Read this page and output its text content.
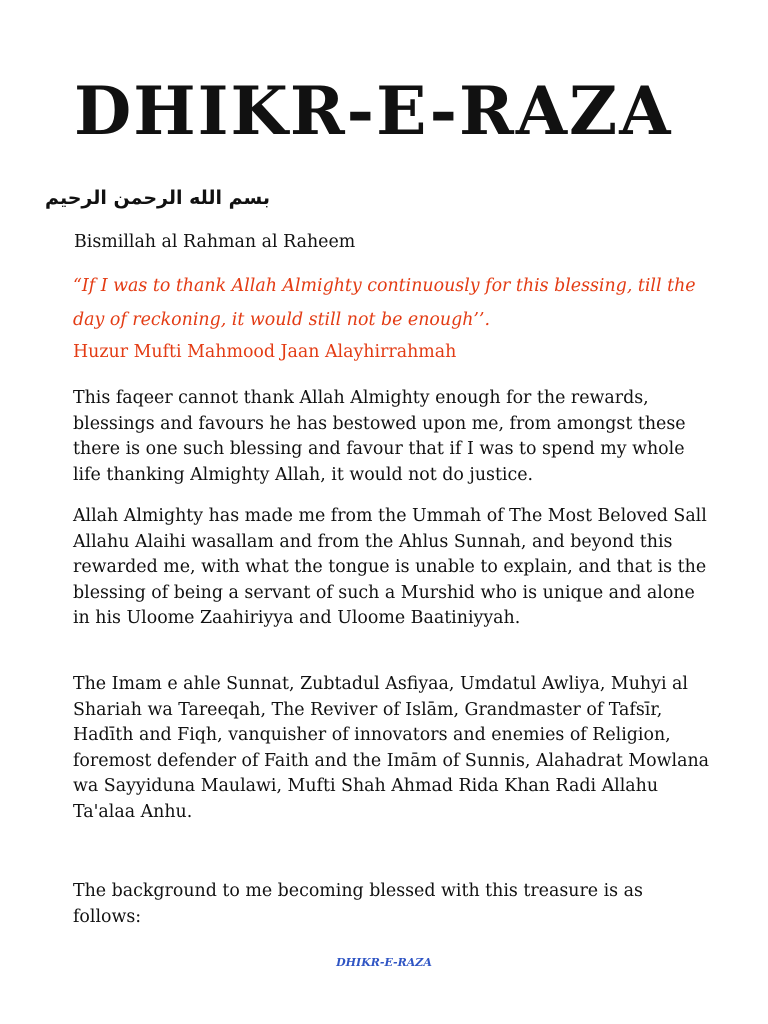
DHIKR-E-RAZA

بسم الله الرحمن الرحيم

Bismillah al Rahman al Raheem

“If I was to thank Allah Almighty continuously for this blessing, till the day of reckoning, it would still not be enough’’.

Huzur Mufti Mahmood Jaan Alayhirrahmah

This faqeer cannot thank Allah Almighty enough for the rewards, blessings and favours he has bestowed upon me, from amongst these there is one such blessing and favour that if I was to spend my whole life thanking Almighty Allah, it would not do justice.

Allah Almighty has made me from the Ummah of The Most Beloved Sall Allahu Alaihi wasallam and from the Ahlus Sunnah, and beyond this rewarded me, with what the tongue is unable to explain, and that is the blessing of being a servant of such a Murshid who is unique and alone in his Uloome Zaahiriyya and Uloome Baatiniyyah.

The Imam e ahle Sunnat, Zubtadul Asfiyaa, Umdatul Awliya, Muhyi al Shariah wa Tareeqah, The Reviver of Islām, Grandmaster of Tafsīr, Hadīth and Fiqh, vanquisher of innovators and enemies of Religion, foremost defender of Faith and the Imām of Sunnis, Alahadrat Mowlana wa Sayyiduna Maulawi, Mufti Shah Ahmad Rida Khan Radi Allahu Ta'alaa Anhu.

The background to me becoming blessed with this treasure is as follows:

DHIKR-E-RAZA
